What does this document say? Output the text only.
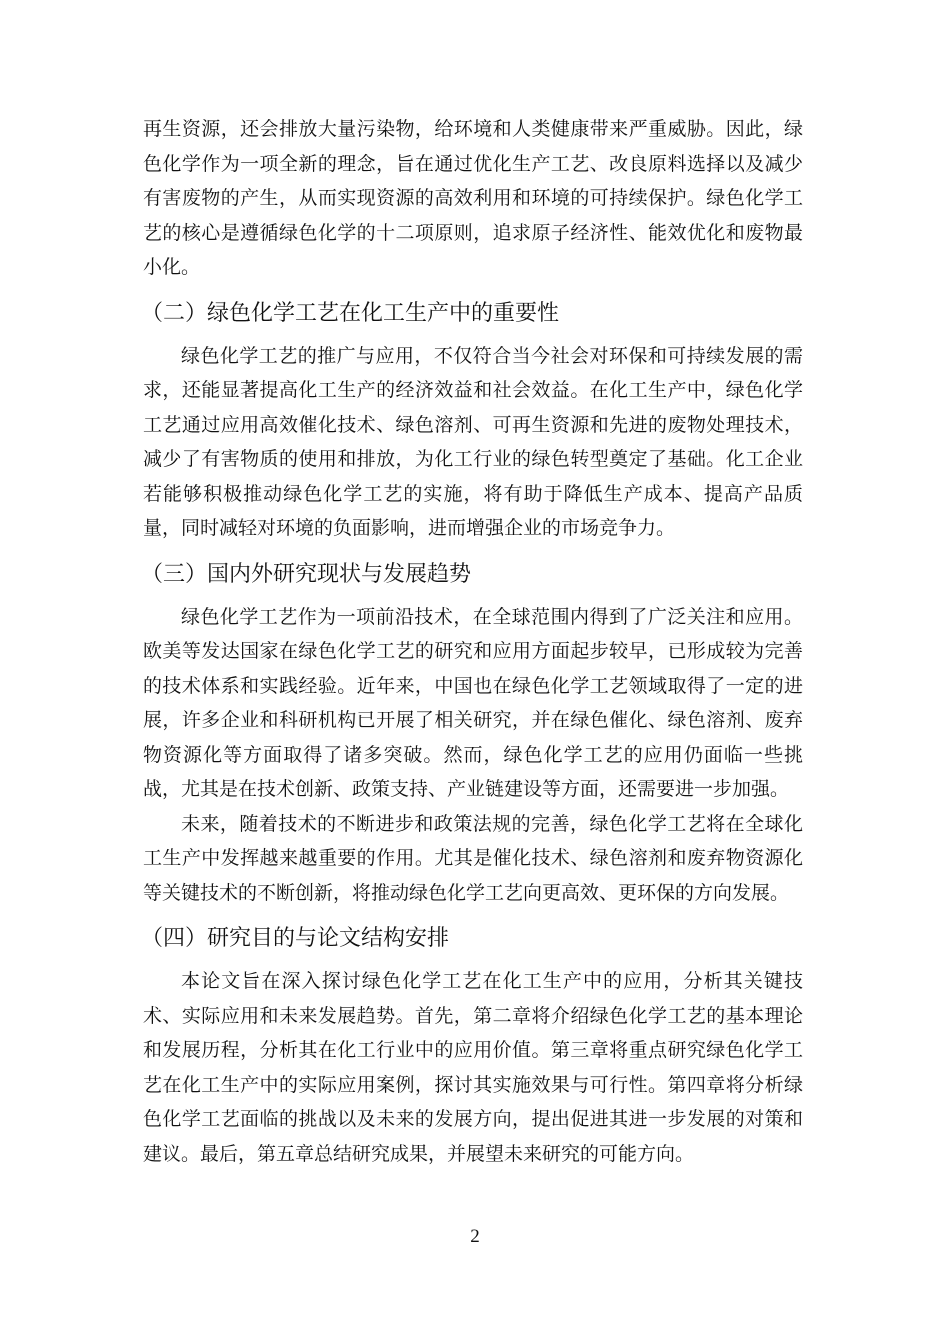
再生资源，还会排放大量污染物，给环境和人类健康带来严重威胁。因此，绿色化学作为一项全新的理念，旨在通过优化生产工艺、改良原料选择以及减少有害废物的产生，从而实现资源的高效利用和环境的可持续保护。绿色化学工艺的核心是遵循绿色化学的十二项原则，追求原子经济性、能效优化和废物最小化。

（二）绿色化学工艺在化工生产中的重要性

绿色化学工艺的推广与应用，不仅符合当今社会对环保和可持续发展的需求，还能显著提高化工生产的经济效益和社会效益。在化工生产中，绿色化学工艺通过应用高效催化技术、绿色溶剂、可再生资源和先进的废物处理技术，减少了有害物质的使用和排放，为化工行业的绿色转型奠定了基础。化工企业若能够积极推动绿色化学工艺的实施，将有助于降低生产成本、提高产品质量，同时减轻对环境的负面影响，进而增强企业的市场竞争力。

（三）国内外研究现状与发展趋势

绿色化学工艺作为一项前沿技术，在全球范围内得到了广泛关注和应用。欧美等发达国家在绿色化学工艺的研究和应用方面起步较早，已形成较为完善的技术体系和实践经验。近年来，中国也在绿色化学工艺领域取得了一定的进展，许多企业和科研机构已开展了相关研究，并在绿色催化、绿色溶剂、废弃物资源化等方面取得了诸多突破。然而，绿色化学工艺的应用仍面临一些挑战，尤其是在技术创新、政策支持、产业链建设等方面，还需要进一步加强。

未来，随着技术的不断进步和政策法规的完善，绿色化学工艺将在全球化工生产中发挥越来越重要的作用。尤其是催化技术、绿色溶剂和废弃物资源化等关键技术的不断创新，将推动绿色化学工艺向更高效、更环保的方向发展。

（四）研究目的与论文结构安排

本论文旨在深入探讨绿色化学工艺在化工生产中的应用，分析其关键技术、实际应用和未来发展趋势。首先，第二章将介绍绿色化学工艺的基本理论和发展历程，分析其在化工行业中的应用价值。第三章将重点研究绿色化学工艺在化工生产中的实际应用案例，探讨其实施效果与可行性。第四章将分析绿色化学工艺面临的挑战以及未来的发展方向，提出促进其进一步发展的对策和建议。最后，第五章总结研究成果，并展望未来研究的可能方向。

2
